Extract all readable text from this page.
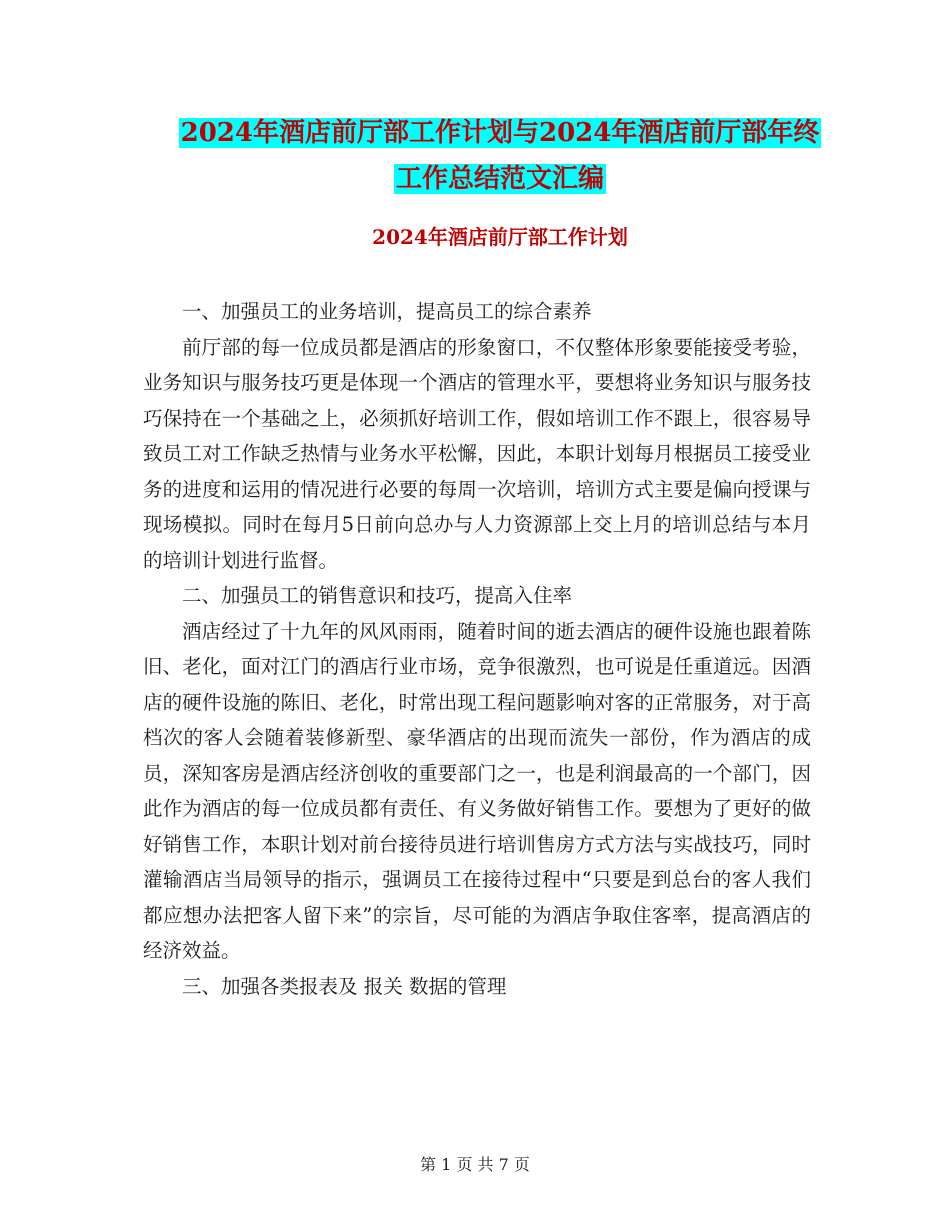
2024年酒店前厅部工作计划与2024年酒店前厅部年终
工作总结范文汇编
2024年酒店前厅部工作计划

一、加强员工的业务培训，提高员工的综合素养

前厅部的每一位成员都是酒店的形象窗口，不仅整体形象要能接受考验，业务知识与服务技巧更是体现一个酒店的管理水平，要想将业务知识与服务技巧保持在一个基础之上，必须抓好培训工作，假如培训工作不跟上，很容易导致员工对工作缺乏热情与业务水平松懈，因此，本职计划每月根据员工接受业务的进度和运用的情况进行必要的每周一次培训，培训方式主要是偏向授课与现场模拟。同时在每月5日前向总办与人力资源部上交上月的培训总结与本月的培训计划进行监督。

二、加强员工的销售意识和技巧，提高入住率

酒店经过了十九年的风风雨雨，随着时间的逝去酒店的硬件设施也跟着陈旧、老化，面对江门的酒店行业市场，竞争很激烈，也可说是任重道远。因酒店的硬件设施的陈旧、老化，时常出现工程问题影响对客的正常服务，对于高档次的客人会随着装修新型、豪华酒店的出现而流失一部份，作为酒店的成员，深知客房是酒店经济创收的重要部门之一，也是利润最高的一个部门，因此作为酒店的每一位成员都有责任、有义务做好销售工作。要想为了更好的做好销售工作，本职计划对前台接待员进行培训售房方式方法与实战技巧，同时灌输酒店当局领导的指示，强调员工在接待过程中“只要是到总台的客人我们都应想办法把客人留下来”的宗旨，尽可能的为酒店争取住客率，提高酒店的经济效益。

三、加强各类报表及 报关 数据的管理

第 1 页 共 7 页
